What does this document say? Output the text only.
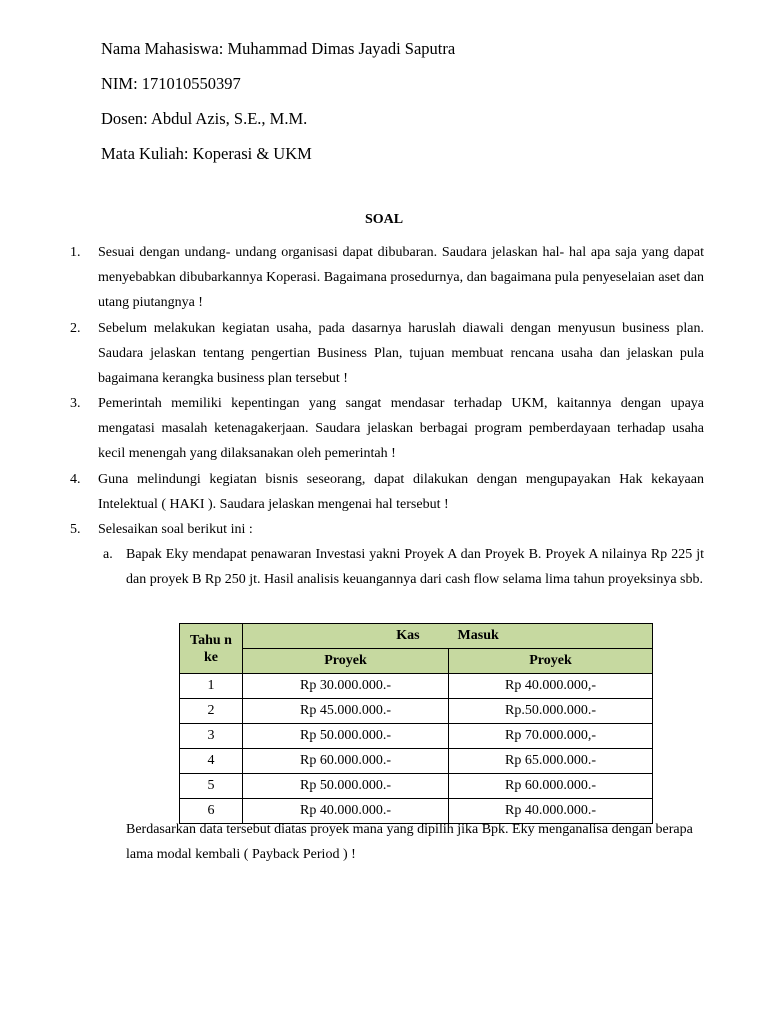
Nama Mahasiswa: Muhammad Dimas Jayadi Saputra
NIM: 171010550397
Dosen: Abdul Azis, S.E., M.M.
Mata Kuliah: Koperasi & UKM
SOAL
1. Sesuai dengan undang- undang organisasi dapat dibubaran. Saudara jelaskan hal- hal apa saja yang dapat menyebabkan dibubarkannya Koperasi. Bagaimana prosedurnya, dan bagaimana pula penyeselaian aset dan utang piutangnya !
2. Sebelum melakukan kegiatan usaha, pada dasarnya haruslah diawali dengan menyusun business plan. Saudara jelaskan tentang pengertian Business Plan, tujuan membuat rencana usaha dan jelaskan pula bagaimana kerangka business plan tersebut !
3. Pemerintah memiliki kepentingan yang sangat mendasar terhadap UKM, kaitannya dengan upaya mengatasi masalah ketenagakerjaan. Saudara jelaskan berbagai program pemberdayaan terhadap usaha kecil menengah yang dilaksanakan oleh pemerintah !
4. Guna melindungi kegiatan bisnis seseorang, dapat dilakukan dengan mengupayakan Hak kekayaan Intelektual ( HAKI ). Saudara jelaskan mengenai hal tersebut !
5. Selesaikan soal berikut ini :
a. Bapak Eky mendapat penawaran Investasi yakni Proyek A dan Proyek B. Proyek A nilainya Rp 225 jt dan proyek B Rp 250 jt. Hasil analisis keuangannya dari cash flow selama lima tahun proyeksinya sbb.
Tahu n ke	Kas Masuk	
	Proyek	Proyek
1	Rp 30.000.000.-	Rp 40.000.000,-
2	Rp 45.000.000.-	Rp.50.000.000.-
3	Rp 50.000.000.-	Rp 70.000.000,-
4	Rp 60.000.000.-	Rp 65.000.000.-
5	Rp 50.000.000.-	Rp 60.000.000.-
6	Rp 40.000.000.-	Rp 40.000.000.-
Berdasarkan data tersebut diatas proyek mana yang dipilih jika Bpk. Eky menganalisa dengan berapa lama modal kembali ( Payback Period ) !
